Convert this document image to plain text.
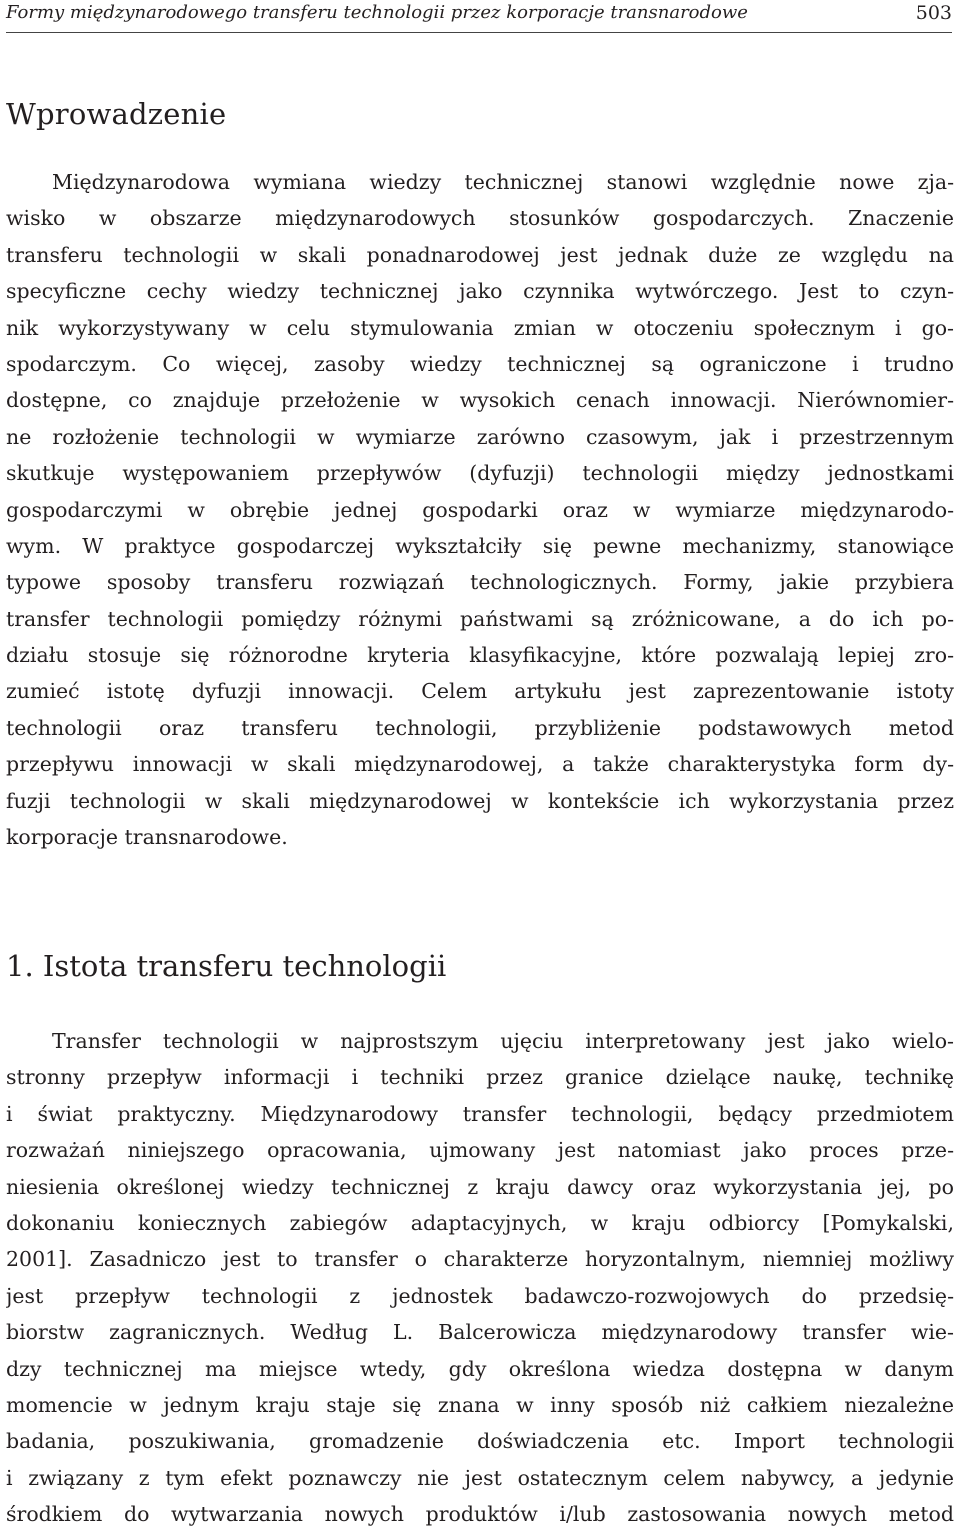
Formy międzynarodowego transferu technologii przez korporacje transnarodowe	503
Wprowadzenie
Międzynarodowa wymiana wiedzy technicznej stanowi względnie nowe zja-
wisko w obszarze międzynarodowych stosunków gospodarczych. Znaczenie
transferu technologii w skali ponadnarodowej jest jednak duże ze względu na
specyficzne cechy wiedzy technicznej jako czynnika wytwórczego. Jest to czyn-
nik wykorzystywany w celu stymulowania zmian w otoczeniu społecznym i go-
spodarczym. Co więcej, zasoby wiedzy technicznej są ograniczone i trudno
dostępne, co znajduje przełożenie w wysokich cenach innowacji. Nierównomier-
ne rozłożenie technologii w wymiarze zarówno czasowym, jak i przestrzennym
skutkuje występowaniem przepływów (dyfuzji) technologii między jednostkami
gospodarczymi w obrębie jednej gospodarki oraz w wymiarze międzynarodo-
wym. W praktyce gospodarczej wykształciły się pewne mechanizmy, stanowiące
typowe sposoby transferu rozwiązań technologicznych. Formy, jakie przybiera
transfer technologii pomiędzy różnymi państwami są zróżnicowane, a do ich po-
działu stosuje się różnorodne kryteria klasyfikacyjne, które pozwalają lepiej zro-
zumieć istotę dyfuzji innowacji. Celem artykułu jest zaprezentowanie istoty
technologii oraz transferu technologii, przybliżenie podstawowych metod
przepływu innowacji w skali międzynarodowej, a także charakterystyka form dy-
fuzji technologii w skali międzynarodowej w kontekście ich wykorzystania przez
korporacje transnarodowe.
1. Istota transferu technologii
Transfer technologii w najprostszym ujęciu interpretowany jest jako wielo-
stronny przepływ informacji i techniki przez granice dzielące naukę, technikę
i świat praktyczny. Międzynarodowy transfer technologii, będący przedmiotem
rozważań niniejszego opracowania, ujmowany jest natomiast jako proces prze-
niesienia określonej wiedzy technicznej z kraju dawcy oraz wykorzystania jej, po
dokonaniu koniecznych zabiegów adaptacyjnych, w kraju odbiorcy [Pomykalski,
2001]. Zasadniczo jest to transfer o charakterze horyzontalnym, niemniej możliwy
jest przepływ technologii z jednostek badawczo-rozwojowych do przedsię-
biorstw zagranicznych. Według L. Balcerowicza międzynarodowy transfer wie-
dzy technicznej ma miejsce wtedy, gdy określona wiedza dostępna w danym
momencie w jednym kraju staje się znana w inny sposób niż całkiem niezależne
badania, poszukiwania, gromadzenie doświadczenia etc. Import technologii
i związany z tym efekt poznawczy nie jest ostatecznym celem nabywcy, a jedynie
środkiem do wytwarzania nowych produktów i/lub zastosowania nowych metod
